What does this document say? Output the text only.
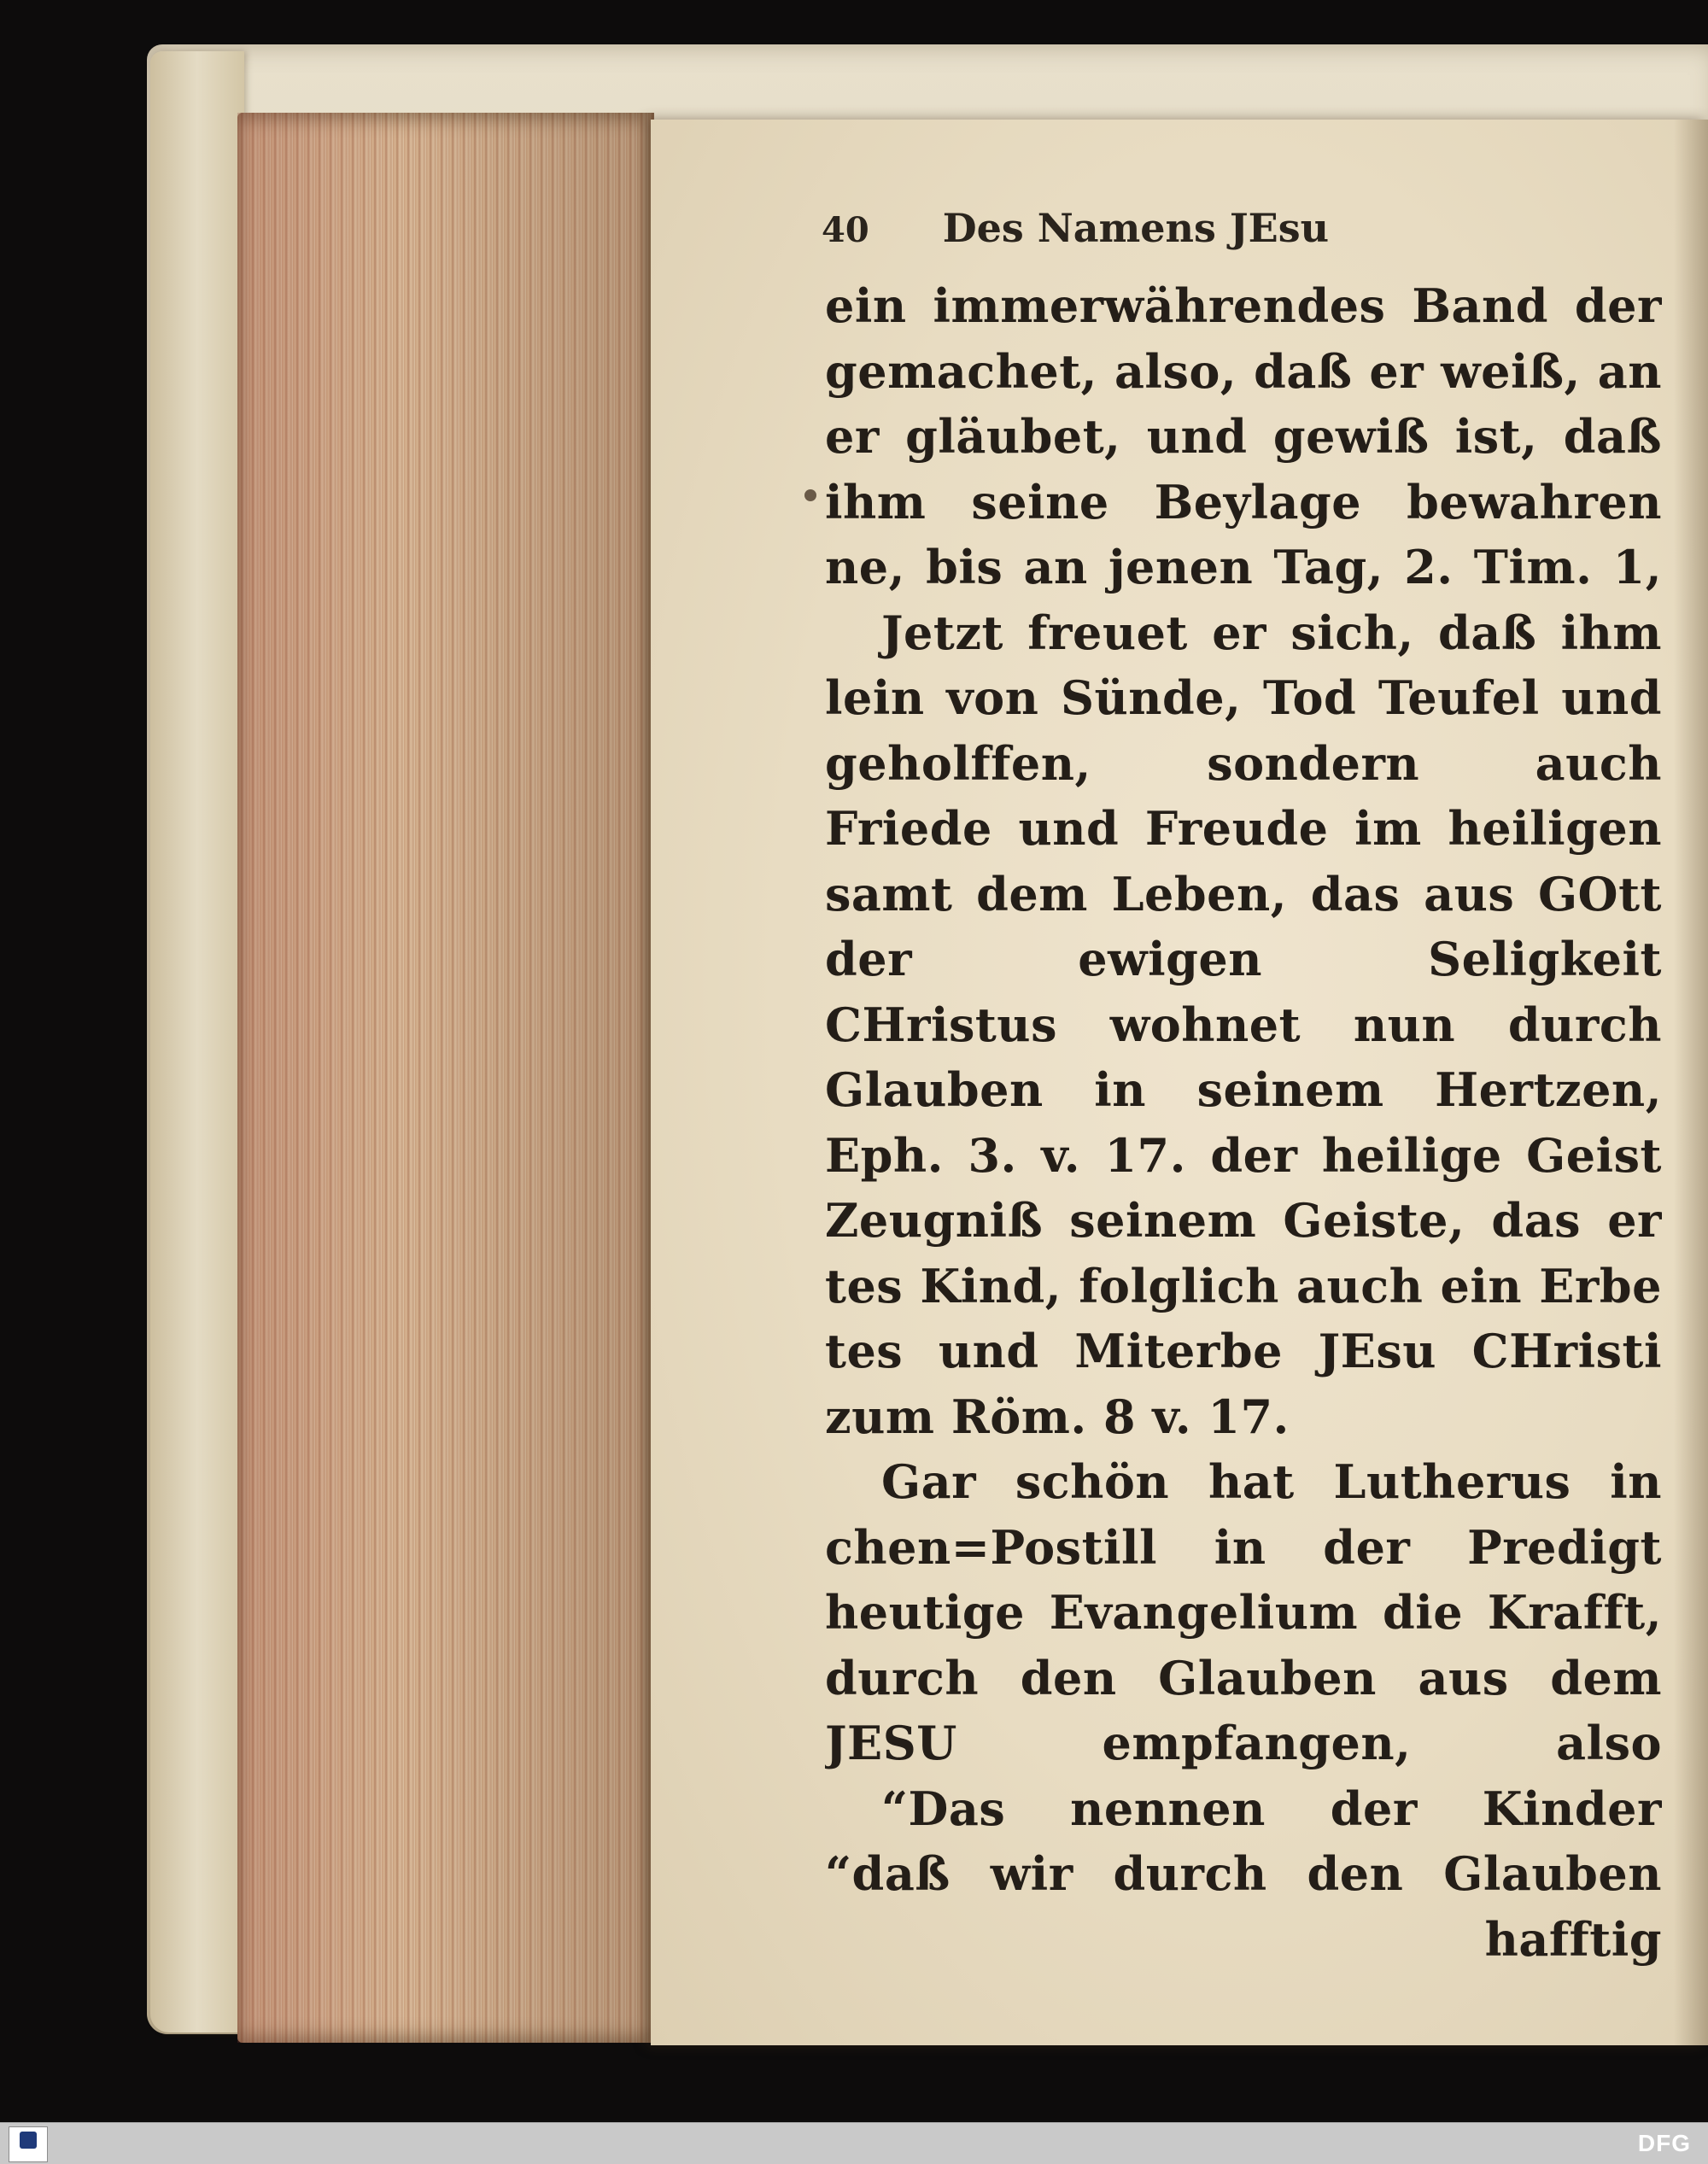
40 Des Namens JEsu
ein immerwährendes Band der
gemachet, also, daß er weiß, an
er gläubet, und gewiß ist, daß
ihm seine Beylage bewahren
ne, bis an jenen Tag, 2. Tim. 1,
Jetzt freuet er sich, daß ihm
lein von Sünde, Tod Teufel und
geholffen, sondern auch
Friede und Freude im heiligen
samt dem Leben, das aus GOtt
der ewigen Seligkeit
CHristus wohnet nun durch
Glauben in seinem Hertzen,
Eph. 3. v. 17. der heilige Geist
Zeugniß seinem Geiste, das er
tes Kind, folglich auch ein Erbe
tes und Miterbe JEsu CHristi
zum Röm. 8 v. 17.
Gar schön hat Lutherus in
chen=Postill in der Predigt
heutige Evangelium die Krafft,
durch den Glauben aus dem
JESU empfangen, also
“Das nennen der Kinder
“daß wir durch den Glauben
hafftig
DFG
